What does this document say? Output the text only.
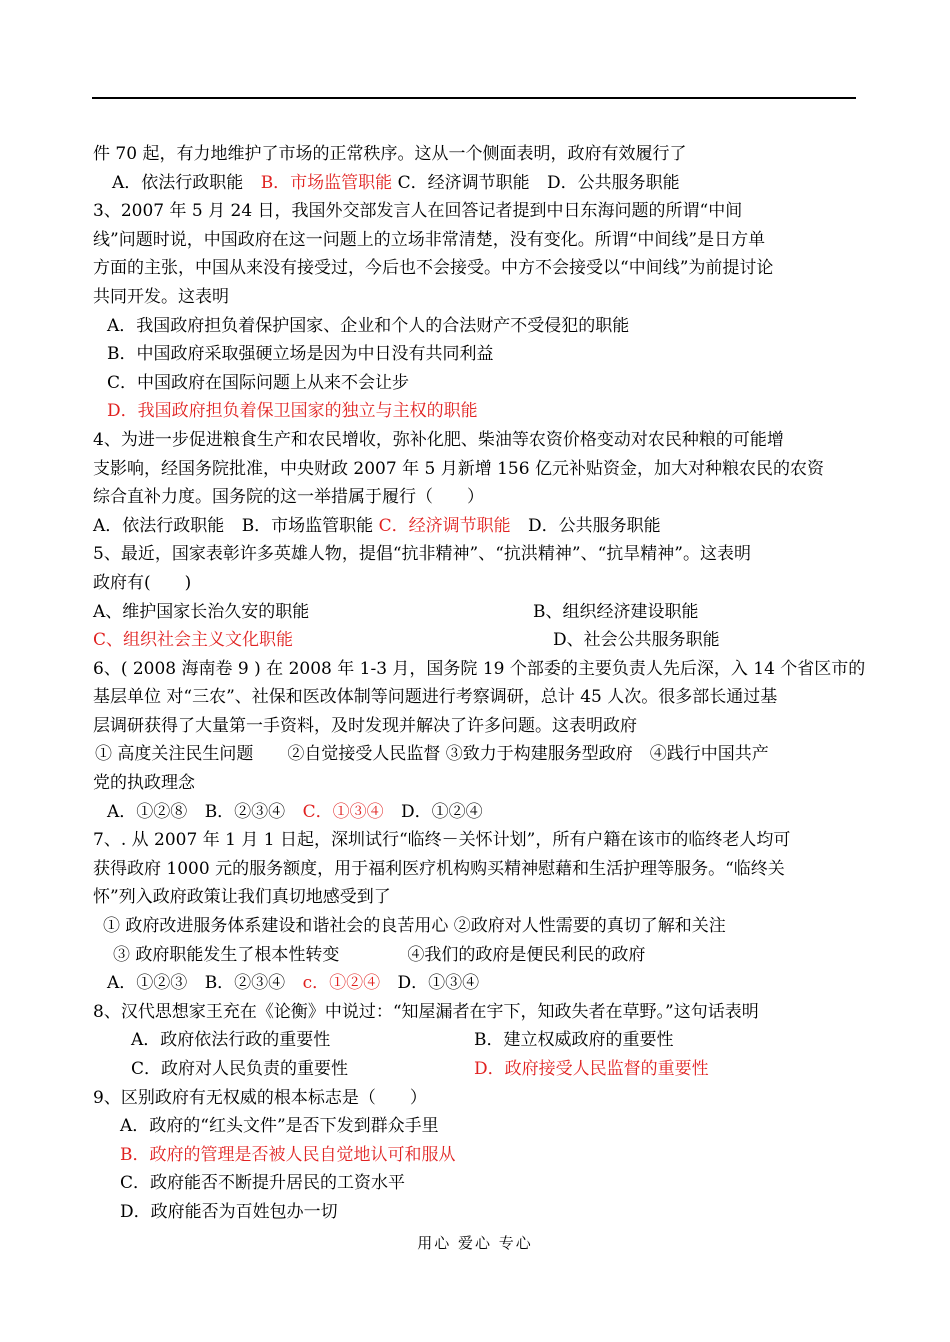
件 70 起，有力地维护了市场的正常秩序。这从一个侧面表明，政府有效履行了
A．依法行政职能 B．市场监管职能 C．经济调节职能 D．公共服务职能
3、2007 年 5 月 24 日，我国外交部发言人在回答记者提到中日东海问题的所谓“中间
线”问题时说，中国政府在这一问题上的立场非常清楚，没有变化。所谓“中间线”是日方单
方面的主张，中国从来没有接受过，今后也不会接受。中方不会接受以“中间线”为前提讨论
共同开发。这表明
A．我国政府担负着保护国家、企业和个人的合法财产不受侵犯的职能
B．中国政府采取强硬立场是因为中日没有共同利益
C．中国政府在国际问题上从来不会让步
D．我国政府担负着保卫国家的独立与主权的职能
4、为进一步促进粮食生产和农民增收，弥补化肥、柴油等农资价格变动对农民种粮的可能增
支影响，经国务院批准，中央财政 2007 年 5 月新增 156 亿元补贴资金，加大对种粮农民的农资
综合直补力度。国务院的这一举措属于履行（　　）
A．依法行政职能 B．市场监管职能 C．经济调节职能 D．公共服务职能
5、最近，国家表彰许多英雄人物，提倡“抗非精神”、“抗洪精神”、“抗旱精神”。这表明
政府有(　　)
A、维护国家长治久安的职能	B、组织经济建设职能
C、组织社会主义文化职能	D、社会公共服务职能
6、( 2008 海南卷 9 ) 在 2008 年 1-3 月，国务院 19 个部委的主要负责人先后深，入 14 个省区市的
基层单位 对“三农”、社保和医改体制等问题进行考察调研，总计 45 人次。很多部长通过基
层调研获得了大量第一手资料，及时发现并解决了许多问题。这表明政府
① 高度关注民生问题　　②自觉接受人民监督 ③致力于构建服务型政府　④践行中国共产
党的执政理念
A．①②⑧ B．②③④ C．①③④ D．①②④
7、. 从 2007 年 1 月 1 日起，深圳试行“临终－关怀计划”，所有户籍在该市的临终老人均可
获得政府 1000 元的服务额度，用于福利医疗机构购买精神慰藉和生活护理等服务。“临终关
怀”列入政府政策让我们真切地感受到了
① 政府改进服务体系建设和谐社会的良苦用心 ②政府对人性需要的真切了解和关注
③ 政府职能发生了根本性转变　　　　④我们的政府是便民利民的政府
A．①②③ B．②③④ c．①②④ D．①③④
8、汉代思想家王充在《论衡》中说过：“知屋漏者在宇下，知政失者在草野。”这句话表明
A．政府依法行政的重要性	B．建立权威政府的重要性
C．政府对人民负责的重要性	D．政府接受人民监督的重要性
9、区别政府有无权威的根本标志是（　　）
A．政府的“红头文件”是否下发到群众手里
B．政府的管理是否被人民自觉地认可和服从
C．政府能否不断提升居民的工资水平
D．政府能否为百姓包办一切
用心 爱心 专心
